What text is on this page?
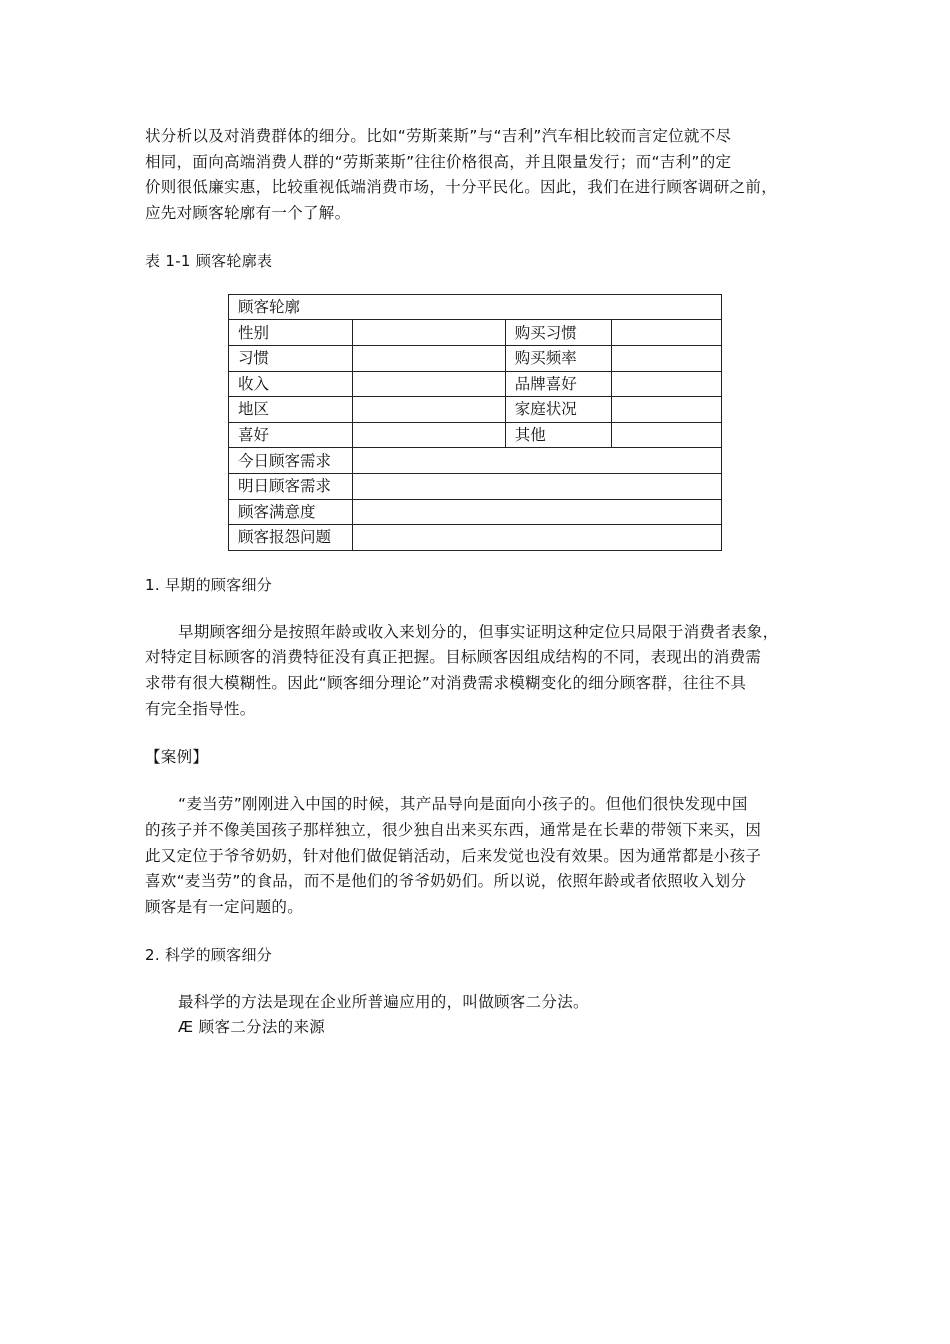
状分析以及对消费群体的细分。比如“劳斯莱斯”与“吉利”汽车相比较而言定位就不尽
相同，面向高端消费人群的“劳斯莱斯”往往价格很高，并且限量发行；而“吉利”的定
价则很低廉实惠，比较重视低端消费市场，十分平民化。因此，我们在进行顾客调研之前，
应先对顾客轮廓有一个了解。
表 1-1 顾客轮廓表
顾客轮廓			
性别		购买习惯	
习惯		购买频率	
收入		品牌喜好	
地区		家庭状况	
喜好		其他	
今日顾客需求			
明日顾客需求			
顾客满意度			
顾客报怨问题			
1. 早期的顾客细分
早期顾客细分是按照年龄或收入来划分的，但事实证明这种定位只局限于消费者表象，
对特定目标顾客的消费特征没有真正把握。目标顾客因组成结构的不同，表现出的消费需
求带有很大模糊性。因此“顾客细分理论”对消费需求模糊变化的细分顾客群，往往不具
有完全指导性。
【案例】
“麦当劳”刚刚进入中国的时候，其产品导向是面向小孩子的。但他们很快发现中国
的孩子并不像美国孩子那样独立，很少独自出来买东西，通常是在长辈的带领下来买，因
此又定位于爷爷奶奶，针对他们做促销活动，后来发觉也没有效果。因为通常都是小孩子
喜欢“麦当劳”的食品，而不是他们的爷爷奶奶们。所以说，依照年龄或者依照收入划分
顾客是有一定问题的。
2. 科学的顾客细分
最科学的方法是现在企业所普遍应用的，叫做顾客二分法。
Æ 顾客二分法的来源
